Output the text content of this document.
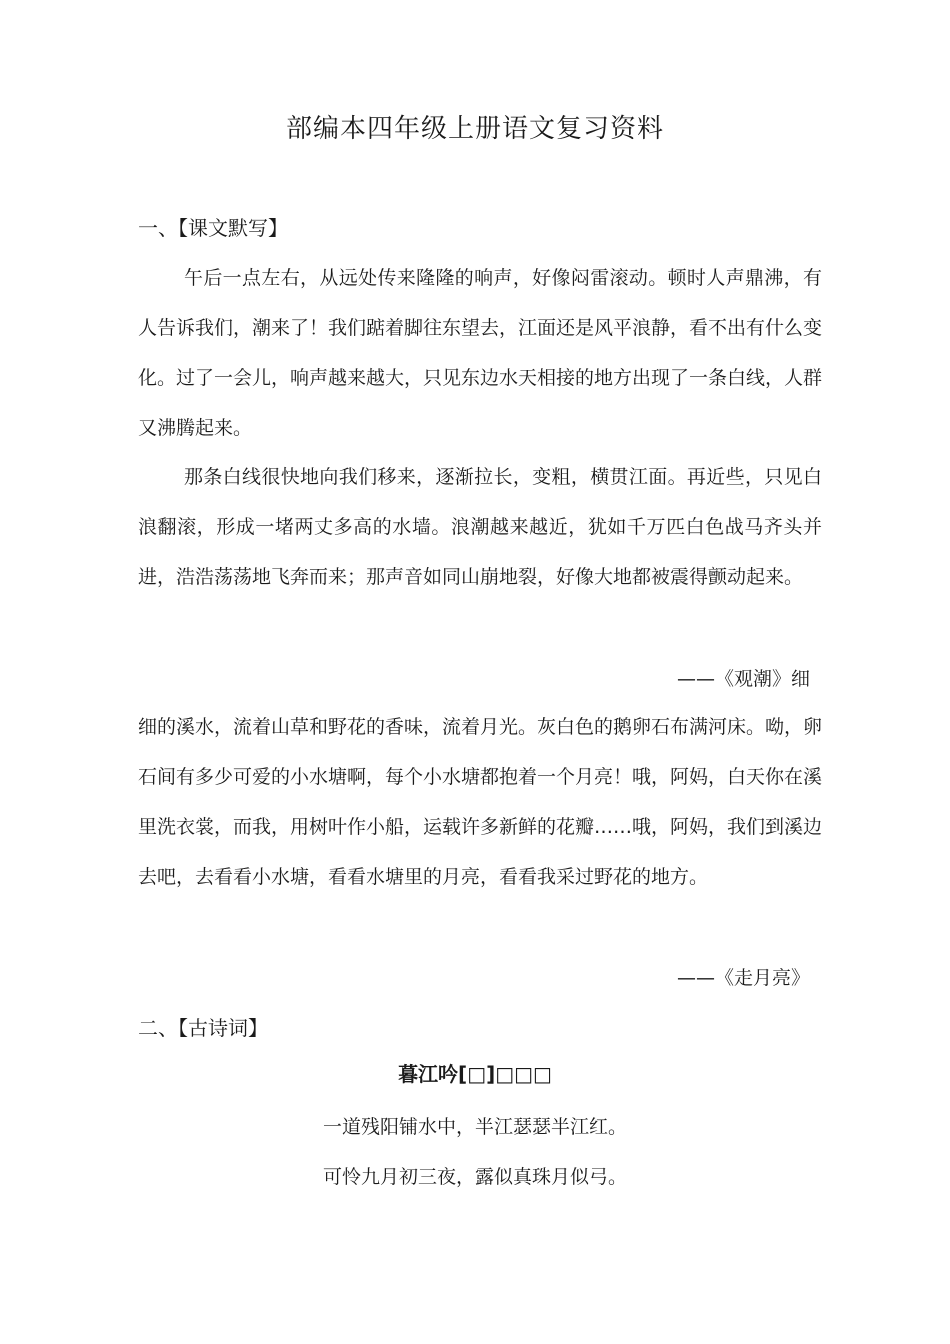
部编本四年级上册语文复习资料
一、【课文默写】

午后一点左右，从远处传来隆隆的响声，好像闷雷滚动。顿时人声鼎沸，有人告诉我们，潮来了！我们踮着脚往东望去，江面还是风平浪静，看不出有什么变化。过了一会儿，响声越来越大，只见东边水天相接的地方出现了一条白线，人群又沸腾起来。

那条白线很快地向我们移来，逐渐拉长，变粗，横贯江面。再近些，只见白浪翻滚，形成一堵两丈多高的水墙。浪潮越来越近，犹如千万匹白色战马齐头并进，浩浩荡荡地飞奔而来；那声音如同山崩地裂，好像大地都被震得颤动起来。

——《观潮》细

细的溪水，流着山草和野花的香味，流着月光。灰白色的鹅卵石布满河床。呦，卵石间有多少可爱的小水塘啊，每个小水塘都抱着一个月亮！哦，阿妈，白天你在溪里洗衣裳，而我，用树叶作小船，运载许多新鲜的花瓣……哦，阿妈，我们到溪边去吧，去看看小水塘，看看水塘里的月亮，看看我采过野花的地方。

——《走月亮》
二、【古诗词】
暮江吟[□]□□□
一道残阳铺水中，半江瑟瑟半江红。
可怜九月初三夜，露似真珠月似弓。
